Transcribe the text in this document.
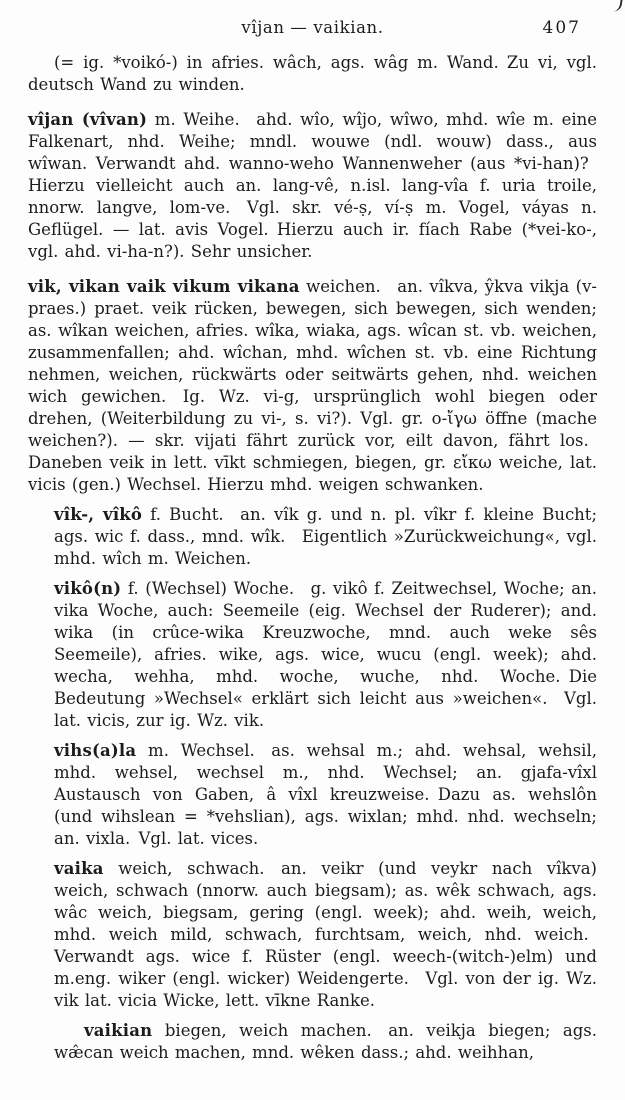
vîjan — vaikian.	407

(= ig. *voikó-) in afries. wâch, ags. wâg m. Wand. Zu vi, vgl. deutsch Wand zu winden.

vîjan (vîvan) m. Weihe. ahd. wîo, wîjo, wîwo, mhd. wîe m. eine Falkenart, nhd. Weihe; mndl. wouwe (ndl. wouw) dass., aus wîwan. Verwandt ahd. wanno-weho Wannenweher (aus *vi-han)? Hierzu vielleicht auch an. lang-vê, n.isl. lang-vîa f. uria troile, nnorw. langve, lom-ve. Vgl. skr. vé-ṣ, ví-ṣ m. Vogel, váyas n. Geflügel. — lat. avis Vogel. Hierzu auch ir. fíach Rabe (*vei-ko-, vgl. ahd. vi-ha-n?). Sehr unsicher.

vik, vikan vaik vikum vikana weichen. an. vîkva, ŷkva vikja (v-praes.) praet. veik rücken, bewegen, sich bewegen, sich wenden; as. wîkan weichen, afries. wîka, wiaka, ags. wîcan st. vb. weichen, zusammenfallen; ahd. wîchan, mhd. wîchen st. vb. eine Richtung nehmen, weichen, rückwärts oder seitwärts gehen, nhd. weichen wich gewichen. Ig. Wz. vi-g, ursprünglich wohl biegen oder drehen, (Weiterbildung zu vi-, s. vi?). Vgl. gr. o-ἴγω öffne (mache weichen?). — skr. vijati fährt zurück vor, eilt davon, fährt los. Daneben veik in lett. vīkt schmiegen, biegen, gr. εἴκω weiche, lat. vicis (gen.) Wechsel. Hierzu mhd. weigen schwanken.

vîk-, vîkô f. Bucht. an. vîk g. und n. pl. vîkr f. kleine Bucht; ags. wic f. dass., mnd. wîk. Eigentlich »Zurückweichung«, vgl. mhd. wîch m. Weichen.

vikô(n) f. (Wechsel) Woche. g. vikô f. Zeitwechsel, Woche; an. vika Woche, auch: Seemeile (eig. Wechsel der Ruderer); and. wika (in crûce-wika Kreuzwoche, mnd. auch weke sês Seemeile), afries. wike, ags. wice, wucu (engl. week); ahd. wecha, wehha, mhd. woche, wuche, nhd. Woche. Die Bedeutung »Wechsel« erklärt sich leicht aus »weichen«. Vgl. lat. vicis, zur ig. Wz. vik.

vihs(a)la m. Wechsel. as. wehsal m.; ahd. wehsal, wehsil, mhd. wehsel, wechsel m., nhd. Wechsel; an. gjafa-vîxl Austausch von Gaben, â vîxl kreuzweise. Dazu as. wehslôn (und wihslean = *vehslian), ags. wixlan; mhd. nhd. wechseln; an. vixla. Vgl. lat. vices.

vaika weich, schwach. an. veikr (und veykr nach vîkva) weich, schwach (nnorw. auch biegsam); as. wêk schwach, ags. wâc weich, biegsam, gering (engl. week); ahd. weih, weich, mhd. weich mild, schwach, furchtsam, weich, nhd. weich. Verwandt ags. wice f. Rüster (engl. weech-(witch-)elm) und m.eng. wiker (engl. wicker) Weidengerte. Vgl. von der ig. Wz. vik lat. vicia Wicke, lett. vīkne Ranke.

vaikian biegen, weich machen. an. veikja biegen; ags. wæ̂can weich machen, mnd. wêken dass.; ahd. weihhan,
